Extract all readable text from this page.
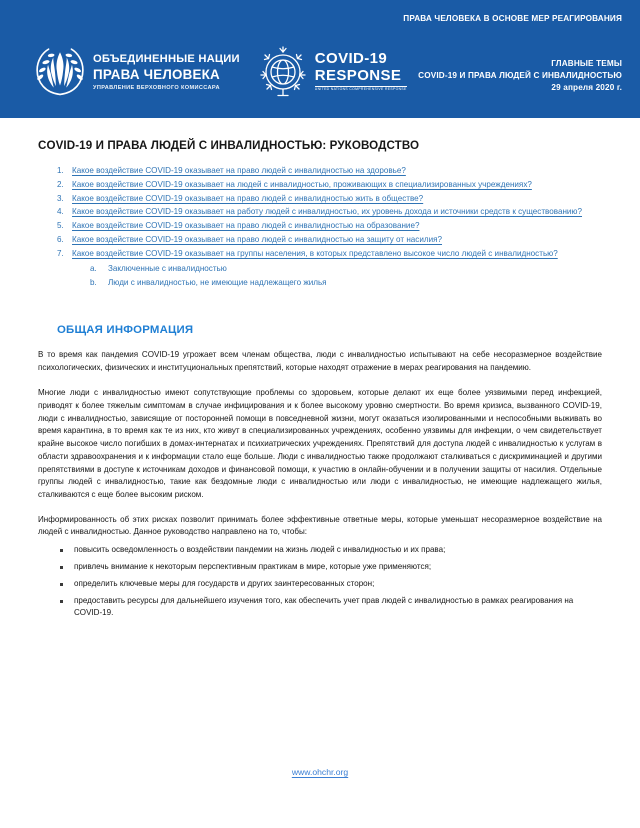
ПРАВА ЧЕЛОВЕКА В ОСНОВЕ МЕР РЕАГИРОВАНИЯ
ОБЪЕДИНЕННЫЕ НАЦИИ
ПРАВА ЧЕЛОВЕКА
УПРАВЛЕНИЕ ВЕРХОВНОГО КОМИССАРА
COVID-19
RESPONSE
UNITED NATIONS COMPREHENSIVE RESPONSE
ГЛАВНЫЕ ТЕМЫ
COVID-19 И ПРАВА ЛЮДЕЙ С ИНВАЛИДНОСТЬЮ
29 апреля 2020 г.
COVID-19 И ПРАВА ЛЮДЕЙ С ИНВАЛИДНОСТЬЮ: РУКОВОДСТВО
1. Какое воздействие COVID-19 оказывает на право людей с инвалидностью на здоровье?
2. Какое воздействие COVID-19 оказывает на людей с инвалидностью, проживающих в специализированных учреждениях?
3. Какое воздействие COVID-19 оказывает на право людей с инвалидностью жить в обществе?
4. Какое воздействие COVID-19 оказывает на работу людей с инвалидностью, их уровень дохода и источники средств к существованию?
5. Какое воздействие COVID-19 оказывает на право людей с инвалидностью на образование?
6. Какое воздействие COVID-19 оказывает на право людей с инвалидностью на защиту от насилия?
7. Какое воздействие COVID-19 оказывает на группы населения, в которых представлено высокое число людей с инвалидностью?
a. Заключенные с инвалидностью
b. Люди с инвалидностью, не имеющие надлежащего жилья
ОБЩАЯ ИНФОРМАЦИЯ

В то время как пандемия COVID-19 угрожает всем членам общества, люди с инвалидностью испытывают на себе несоразмерное воздействие психологических, физических и институциональных препятствий, которые находят отражение в мерах реагирования на пандемию.

Многие люди с инвалидностью имеют сопутствующие проблемы со здоровьем, которые делают их еще более уязвимыми перед инфекцией, приводят к более тяжелым симптомам в случае инфицирования и к более высокому уровню смертности. Во время кризиса, вызванного COVID-19, люди с инвалидностью, зависящие от посторонней помощи в повседневной жизни, могут оказаться изолированными и неспособными выживать во время карантина, в то время как те из них, кто живут в специализированных учреждениях, особенно уязвимы для инфекции, о чем свидетельствует крайне высокое число погибших в домах-интернатах и психиатрических учреждениях. Препятствий для доступа людей с инвалидностью к услугам в области здравоохранения и к информации стало еще больше. Люди с инвалидностью также продолжают сталкиваться с дискриминацией и другими препятствиями в доступе к источникам доходов и финансовой помощи, к участию в онлайн-обучении и в получении защиты от насилия. Отдельные группы людей с инвалидностью, такие как бездомные люди с инвалидностью или люди с инвалидностью, не имеющие надлежащего жилья, сталкиваются с еще более высоким риском.

Информированность об этих рисках позволит принимать более эффективные ответные меры, которые уменьшат несоразмерное воздействие на людей с инвалидностью. Данное руководство направлено на то, чтобы:

повысить осведомленность о воздействии пандемии на жизнь людей с инвалидностью и их права;
привлечь внимание к некоторым перспективным практикам в мире, которые уже применяются;
определить ключевые меры для государств и других заинтересованных сторон;
предоставить ресурсы для дальнейшего изучения того, как обеспечить учет прав людей с инвалидностью в рамках реагирования на COVID-19.
www.ohchr.org
